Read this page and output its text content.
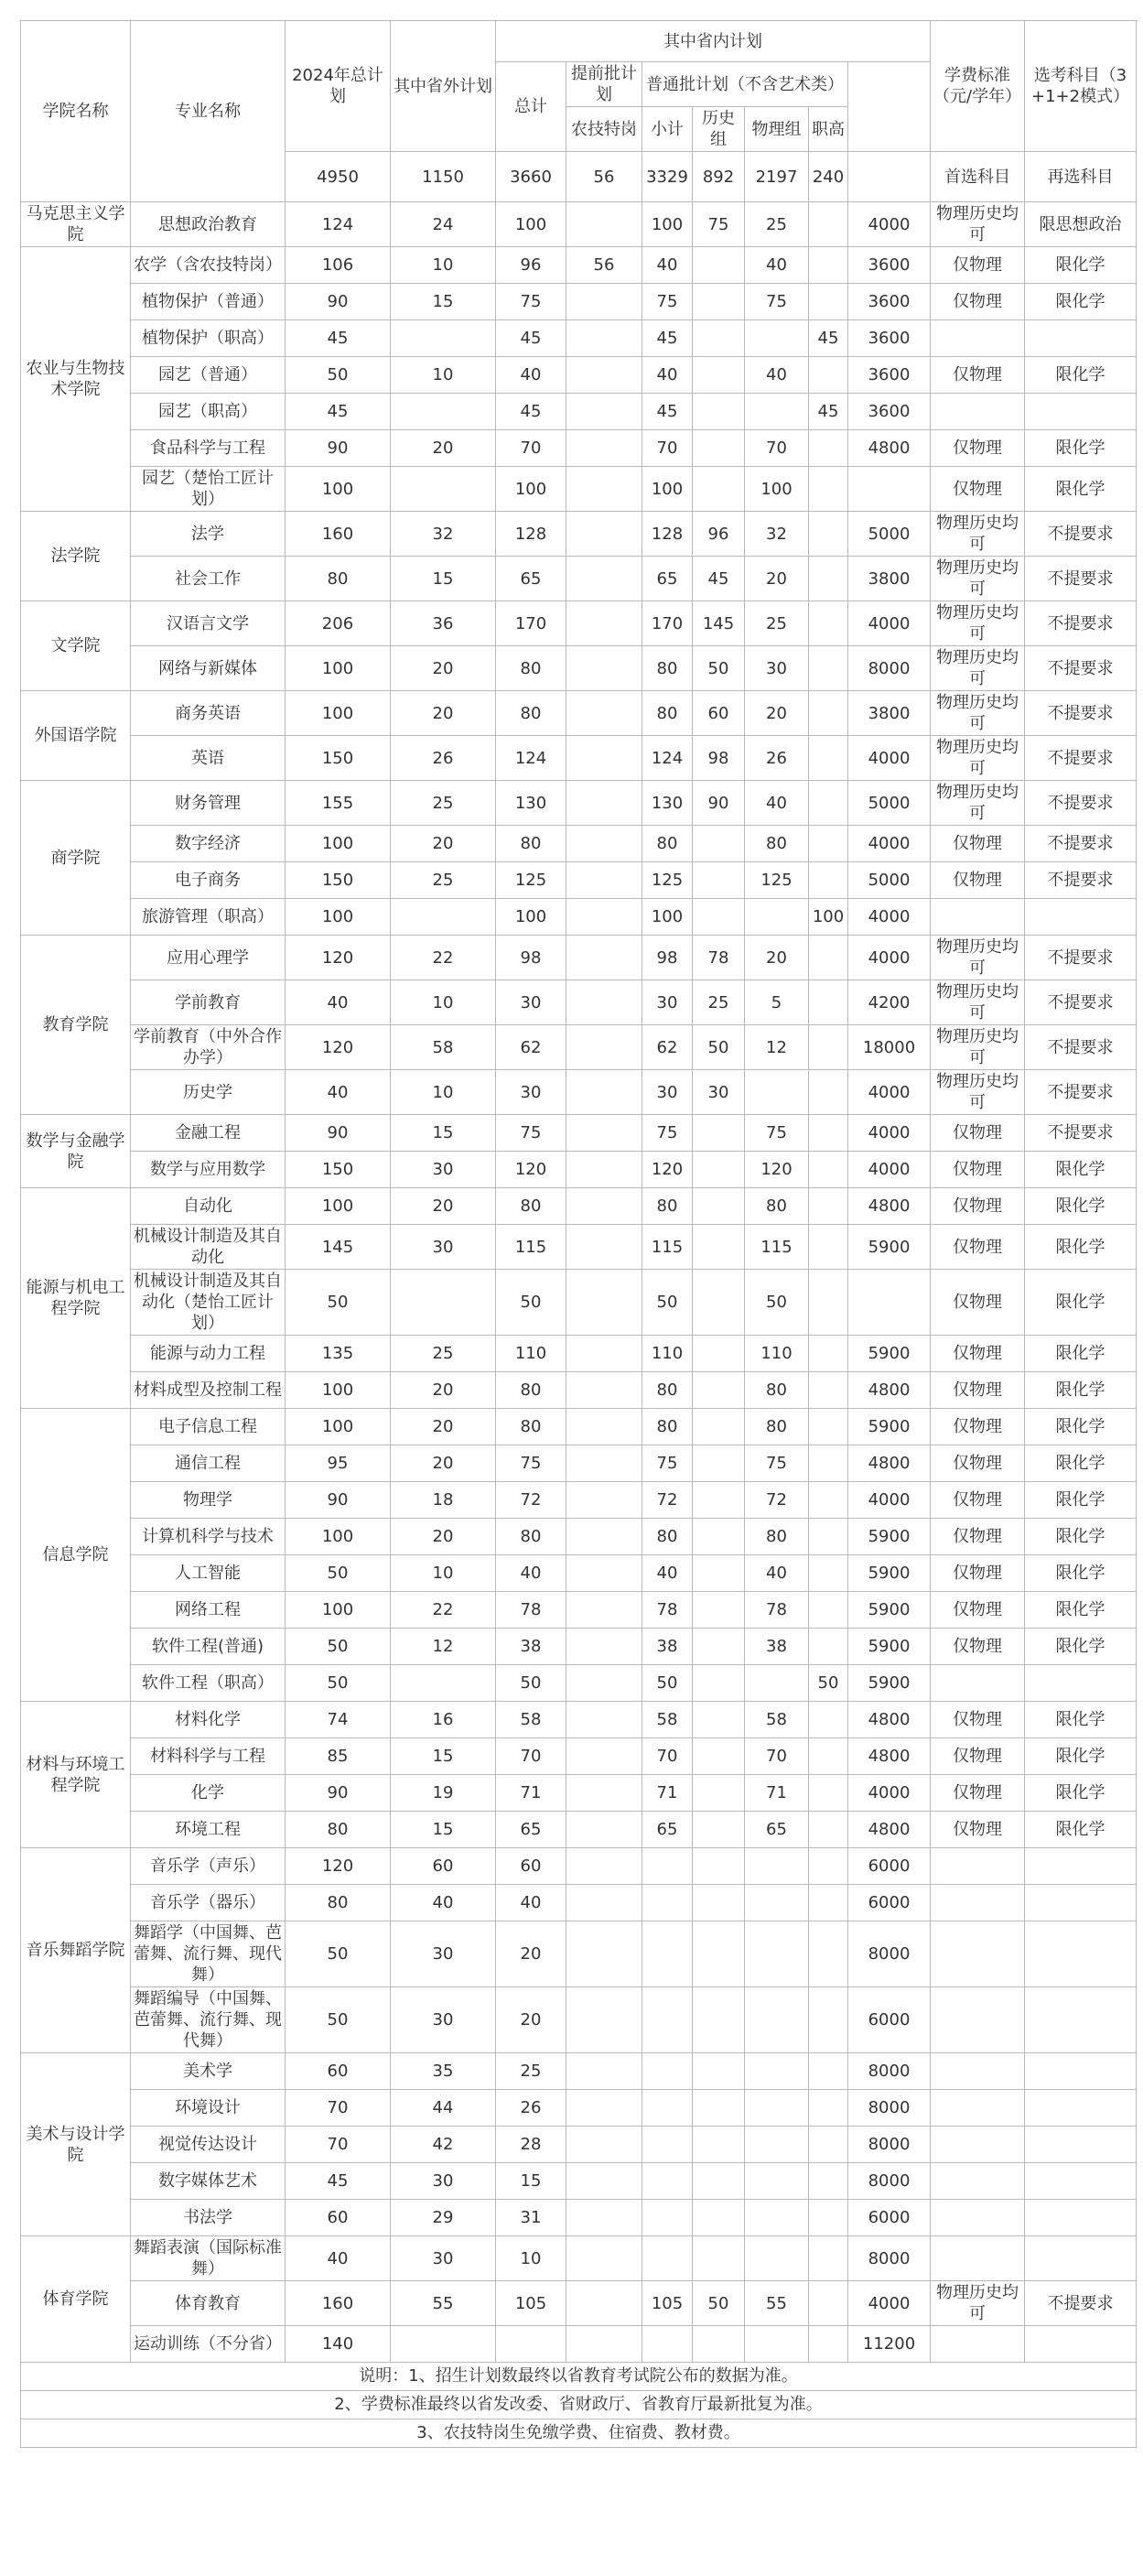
学院名称	专业名称	2024年总计划	其中省外计划	其中省内计划							学费标准（元/学年）	选考科目（3+1+2模式）
				总计	提前批计划	普通批计划（不含艺术类）						
					农技特岗	小计	历史组	物理组	职高			
		4950	1150	3660	56	3329	892	2197	240		首选科目	再选科目
马克思主义学院	思想政治教育	124	24	100		100	75	25		4000	物理历史均可	限思想政治
农业与生物技术学院	农学（含农技特岗）	106	10	96	56	40		40		3600	仅物理	限化学
	植物保护（普通）	90	15	75		75		75		3600	仅物理	限化学
	植物保护（职高）	45		45		45			45	3600		
	园艺（普通）	50	10	40		40		40		3600	仅物理	限化学
	园艺（职高）	45		45		45			45	3600		
	食品科学与工程	90	20	70		70		70		4800	仅物理	限化学
	园艺（楚怡工匠计划）	100		100		100		100			仅物理	限化学
法学院	法学	160	32	128		128	96	32		5000	物理历史均可	不提要求
	社会工作	80	15	65		65	45	20		3800	物理历史均可	不提要求
文学院	汉语言文学	206	36	170		170	145	25		4000	物理历史均可	不提要求
	网络与新媒体	100	20	80		80	50	30		8000	物理历史均可	不提要求
外国语学院	商务英语	100	20	80		80	60	20		3800	物理历史均可	不提要求
	英语	150	26	124		124	98	26		4000	物理历史均可	不提要求
商学院	财务管理	155	25	130		130	90	40		5000	物理历史均可	不提要求
	数字经济	100	20	80		80		80		4000	仅物理	不提要求
	电子商务	150	25	125		125		125		5000	仅物理	不提要求
	旅游管理（职高）	100		100		100			100	4000		
教育学院	应用心理学	120	22	98		98	78	20		4000	物理历史均可	不提要求
	学前教育	40	10	30		30	25	5		4200	物理历史均可	不提要求
	学前教育（中外合作办学）	120	58	62		62	50	12		18000	物理历史均可	不提要求
	历史学	40	10	30		30	30			4000	物理历史均可	不提要求
数学与金融学院	金融工程	90	15	75		75		75		4000	仅物理	不提要求
	数学与应用数学	150	30	120		120		120		4000	仅物理	限化学
能源与机电工程学院	自动化	100	20	80		80		80		4800	仅物理	限化学
	机械设计制造及其自动化	145	30	115		115		115		5900	仅物理	限化学
	机械设计制造及其自动化（楚怡工匠计划）	50		50		50		50			仅物理	限化学
	能源与动力工程	135	25	110		110		110		5900	仅物理	限化学
	材料成型及控制工程	100	20	80		80		80		4800	仅物理	限化学
信息学院	电子信息工程	100	20	80		80		80		5900	仅物理	限化学
	通信工程	95	20	75		75		75		4800	仅物理	限化学
	物理学	90	18	72		72		72		4000	仅物理	限化学
	计算机科学与技术	100	20	80		80		80		5900	仅物理	限化学
	人工智能	50	10	40		40		40		5900	仅物理	限化学
	网络工程	100	22	78		78		78		5900	仅物理	限化学
	软件工程(普通)	50	12	38		38		38		5900	仅物理	限化学
	软件工程（职高）	50		50		50			50	5900		
材料与环境工程学院	材料化学	74	16	58		58		58		4800	仅物理	限化学
	材料科学与工程	85	15	70		70		70		4800	仅物理	限化学
	化学	90	19	71		71		71		4000	仅物理	限化学
	环境工程	80	15	65		65		65		4800	仅物理	限化学
音乐舞蹈学院	音乐学（声乐）	120	60	60						6000		
	音乐学（器乐）	80	40	40						6000		
	舞蹈学（中国舞、芭蕾舞、流行舞、现代舞）	50	30	20						8000		
	舞蹈编导（中国舞、芭蕾舞、流行舞、现代舞）	50	30	20						6000		
美术与设计学院	美术学	60	35	25						8000		
	环境设计	70	44	26						8000		
	视觉传达设计	70	42	28						8000		
	数字媒体艺术	45	30	15						8000		
	书法学	60	29	31						6000		
体育学院	舞蹈表演（国际标准舞）	40	30	10						8000		
	体育教育	160	55	105		105	50	55		4000	物理历史均可	不提要求
	运动训练（不分省）	140								11200		
说明：1、招生计划数最终以省教育考试院公布的数据为准。												
2、学费标准最终以省发改委、省财政厅、省教育厅最新批复为准。												
3、农技特岗生免缴学费、住宿费、教材费。												
